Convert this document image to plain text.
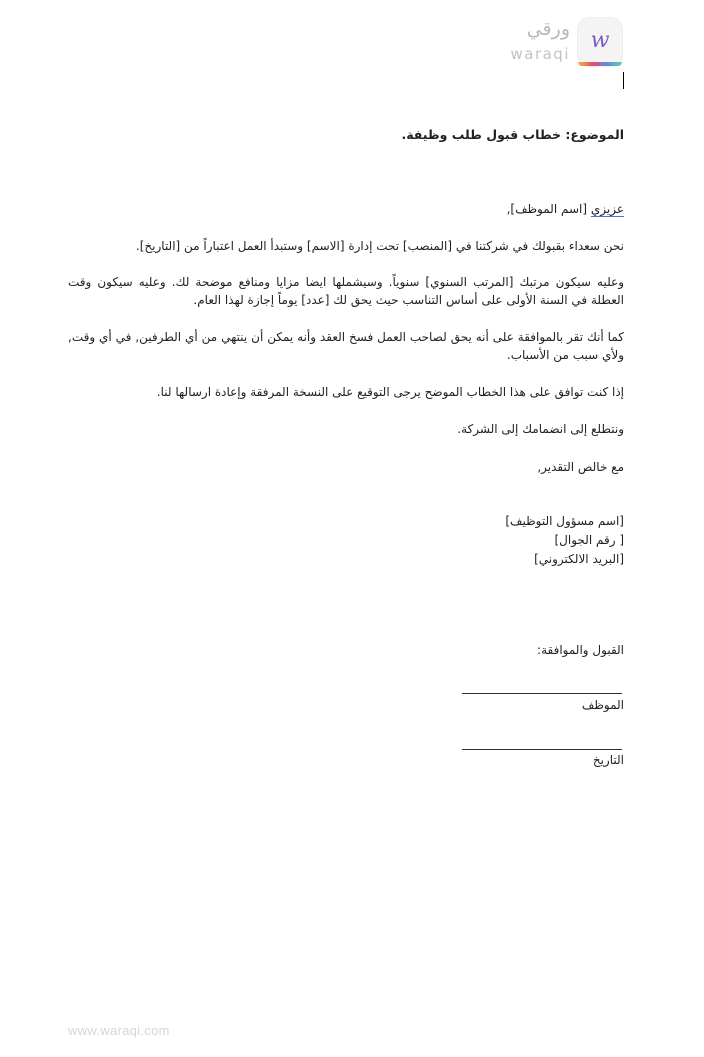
w
ورقي
waraqi
الموضوع: خطاب قبول طلب وظيفة.
عزيزي [اسم الموظف],
نحن سعداء بقبولك في شركتنا في [المنصب] تحت إدارة [الاسم] وستبدأ العمل اعتباراً من [التاريخ].
وعليه سيكون مرتبك [المرتب السنوي] سنوياً. وسيشملها ايضا مزايا ومنافع موضحة لك. وعليه سيكون وقت العطلة في السنة الأولى على أساس التناسب حيث يحق لك [عدد] يوماً إجازة لهذا العام.
كما أنك تقر بالموافقة على أنه يحق لصاحب العمل فسخ العقد وأنه يمكن أن ينتهي من أي الطرفين, في أي وقت, ولأي سبب من الأسباب.
إذا كنت توافق على هذا الخطاب الموضح يرجى التوقيع على النسخة المرفقة وإعادة ارسالها لنا.
ونتطلع إلى انضمامك إلى الشركة.
مع خالص التقدير,
[اسم مسؤول التوظيف]
[ رقم الجوال]
[البريد الالكتروني]
القبول والموافقة:
الموظف
التاريخ
www.waraqi.com
